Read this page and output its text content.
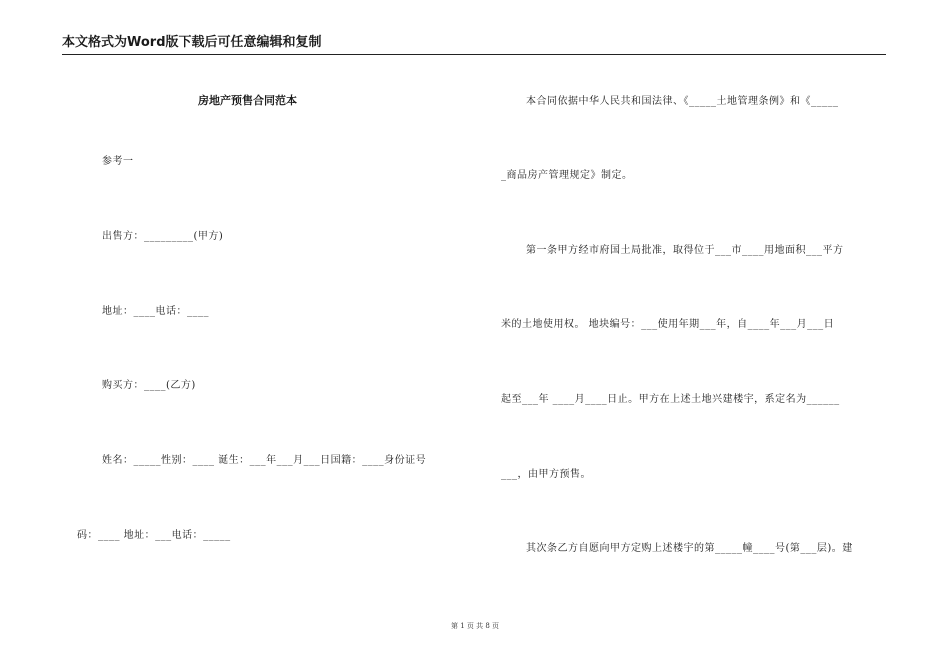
本文格式为Word版下载后可任意编辑和复制
房地产预售合同范本
参考一
出售方：_________(甲方)
地址：____电话：____
购买方：____(乙方)
姓名：_____性别：____ 诞生：___年___月___日国籍：____身份证号
码：____ 地址：___电话：_____
本合同依据中华人民共和国法律、《_____土地管理条例》和《_____
_商品房产管理规定》制定。
第一条甲方经市府国土局批准，取得位于___市____用地面积___平方
米的土地使用权。 地块编号：___使用年期___年，自____年___月___日
起至___年 ____月____日止。甲方在上述土地兴建楼宇，系定名为______
___，由甲方预售。
其次条乙方自愿向甲方定购上述楼宇的第_____幢____号(第___层)。建
第 1 页 共 8 页
